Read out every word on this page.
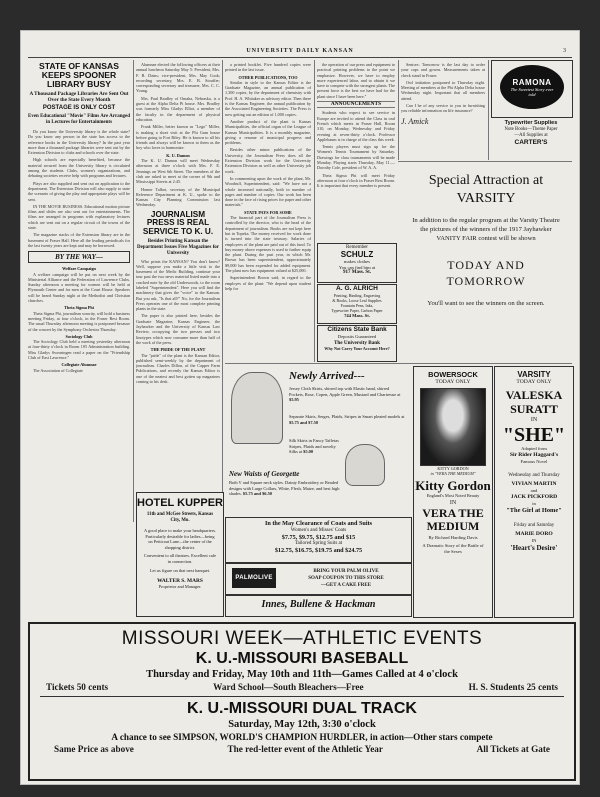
UNIVERSITY DAILY KANSAN	3
STATE OF KANSAS KEEPS SPOONER LIBRARY BUSY
A Thousand Package Libraries Are Sent Out Over the State Every Month
POSTAGE IS ONLY COST
Even Educational "Movie" Films Are Arranged in Lectures for Entertainments

Do you know the University library is the whole state? Do you know any person in the state has access to the reference books in the University library? In the past year more than a thousand package libraries were sent out by the Extension Division to clubs and schools over the state.

High schools are especially benefited, because the material secured from the University library is circulated among the students. Clubs, women's organizations, and debating societies receive help with programs and lectures.

Plays are also supplied and sent out on application to the department. The Extension Division will also supply to state the scenario of giving the play and appropriate plays will be sent.

IN THE MOVIE BUSINESS. Educational motion picture films and slides are also sent out for entertainments. The films are arranged in programs with explanatory lectures which are sent out on a regular circuit of the towns of the state.

The magazine stacks of the Extension library are in the basement of Fraser Hall. Here all the leading periodicals for the last twenty years are kept and may be borrowed.

BY THE WAY—
Welfare Campaign

A welfare campaign will be put on next week by the Ministerial Alliance and the Federation of Lawrence Clubs. Sunday afternoon a meeting for women will be held at Plymouth Center and for men at the Court House. Speakers will be heard Sunday night at the Methodist and Christian churches.

Theta Sigma Phi

Theta Sigma Phi, journalism sorority, will hold a business meeting Friday, at four o'clock, in the Fraser Rest Room. The usual Thursday afternoon meeting is postponed because of the concert by the Symphony Orchestra Thursday.

Sociology Club

The Sociology Club held a meeting yesterday afternoon at four-thirty o'clock in Room 105 Administration building. Miss Gladys Swearingen read a paper on the "Friendship Club of East Lawrence."

Collegiate Alumnae

The Association of Collegiate

Alumnae elected the following officers at their annual luncheon Saturday May 5: President, Mrs. F. B. Dains; vice-president, Mrs. May Cook; recording secretary, Mrs. E. B. Stouffer; corresponding secretary and treasurer, Mrs. C. C. Young.

Mrs. Paul Bradley of Omaha, Nebraska, is a guest at the Alpha Delta Pi house. Mrs. Bradley was formerly Miss Gladys Elliot, a member of the faculty in the department of physical education.

Frank Miller, better known as "Lego" Miller, is making a short visit at the Phi Gam house before going to Fort Riley. He is known to all his friends and always will be known to them as the boy who loves to harmonize.

K. U. Damon

The K. U. Damon will meet Wednesday afternoon at three o'clock with Mrs. F. E. Jennings on West 6th Street. The members of the club are asked to meet at the corner of 9th and Mississippi Streets at 2:45.

Homer Talbot, secretary of the Municipal Reference Department at K. U., spoke to the Kansas City Planning Commission last Wednesday.

JOURNALISM PRESS IS REAL SERVICE TO K. U.
Besides Printing Kansan the Department Issues Five Magazines for University

Who prints the KANSAN? You don't know? Well, suppose you make a little visit to the basement of the Medic Building, continue your tour past the two news material listed made into a cracked note by the old Underwoods, to the room labeled "Superintendent". Here you will find the machinery that gives the "voice" to the Kansan. But you ask, "Is that all?" No, for the Journalism Press operates one of the most complete printing plants in the state.

The paper is also printed here, besides the Graduate Magazine, Kansas Engineer, the Jayhawker and the University of Kansas Law Review, occupying the two presses and two linotypes which now consume more than half of the work of the press.

THE PRIDE OF THE PLANT

The "pride" of the plant is the Kansan Editor, published semi-weekly by the department of journalism. Charles Dillon, of the Capper Farm Publications, and recently the Kansas Editor is one of the neatest and best gotten up magazines coming to his desk.

a printed booklet. Five hundred copies were printed in the last issue.

OTHER PUBLICATIONS, TOO

Similar in style to the Kansas Editor is the Graduate Magazine, an annual publication of 1,300 copies, by the department of chemistry with Prof. H. A. Whitaker as advisory editor. Then there is the Kansas Engineer, the annual publication by the Associated Engineering Societies. The Press is now getting out an edition of 1,000 copies.

Another product of the plant is Kansas Municipalities, the official organ of the League of Kansas Municipalities. It is a monthly magazine, giving a resume of municipal progress and problems.

Besides other minor publications of the University, the Journalism Press does all the Extension Division work for the University Extension Division as well as other University job work.

In commenting upon the work of the plant, Mr. Woodruff, Superintendent, said: "We have not a whole increased nationally, both in number of pages and number of copies. Our work has been done in the face of rising prices for paper and other materials."

STATE PAYS FOR SOME

The financial part of the Journalism Press is controlled by the director, who is the head of the department of journalism. Books are not kept here but in Topeka. The money received for work done is turned into the state treasury. Salaries of employees of the plant are paid out of this fund. To buy money above expenses is used to further equip the plant. During the past year, in which Mr. Brown has been superintendent, approximately $9,000 has been expended for added equipment. The plant now has equipment valued at $25,000.

Superintendent Brown said, in regard to the employes of the plant: "We depend upon student help for

the operation of our press and equipment to practical printing problems to the point we emphasize. However, we have to employ more experienced labor, and to obtain it we have to compete with the strongest plants. The present force is the best we have had for the plant since I have been here."

ANNOUNCEMENTS

Students who expect to see service in Europe are invited to attend the Class in oral French which meets in Fraser Hall, Room 310, on Monday, Wednesday and Friday evening at seven-thirty o'clock. Professor Applebaum is in charge of the class this week.

Tennis players must sign up for the Women's Tennis Tournament by Saturday. Drawings for class tournaments will be made Monday. Playing starts Thursday, May 11.—Dorothy Cole, president of W. A. A.

Theta Sigma Phi will meet Friday afternoon at four o'clock in Fraser Rest Room. It is important that every member is present.

Seniors: Tomorrow is the last day to order your caps and gowns. Measurements taken at check stand in Fraser.

Owl initiation postponed to Thursday night. Meeting of members at the Phi Alpha Delta house Wednesday night. Important that all members attend.

Can I be of any service to you in furnishing you reliable information on life insurance?

J. Amick
RAMONA
The Sweetest Story ever told
Typewriter Supplies
Note Books—Theme Paper
—All Supplies at
CARTER'S
Remember
SCHULZ
makes clothes
You can find him at
917 Mass. St.
A. G. ALRICH
Printing, Binding, Engraving
& Books, Loose Leaf Supplies
Fountain Pens, Inks,
Typewriter Paper, Carbon Paper
744 Mass. St.
Citizens State Bank
Deposits Guaranteed
The University Bank
Why Not Carry Your Account Here?
Special Attraction at VARSITY
In addition to the regular program at the Varsity Theatre the pictures of the winners of the 1917 Jayhawker VANITY FAIR contest will be shown
TODAY AND TOMORROW
You'll want to see the winners on the screen.
Newly Arrived---
Jersey Cloth Skirts, shirred top with Elastic band, shirred Pockets, Rose, Copen, Apple Green, Mustard and Chartreuse at $5.95
Separate Skirts, Serges, Plaids, Stripes in Smart pleated models at $5.75 and $7.50
Silk Skirts in Fancy Taffetas Stripes, Plaids and novelty Silks at $5.00
New Waists of Georgette
Both V and Square neck styles. Dainty Embroidery or Beaded designs with Large Collars, White, Flesh, Maize, and best high shades. $5.75 and $6.50
In the May Clearance of Coats and Suits
Women's and Misses' Coats
$7.75, $9.75, $12.75 and $15
Tailored Spring Suits at
$12.75, $16.75, $19.75 and $24.75
PALMOLIVE
BRING YOUR PALM OLIVE
SOAP COUPON TO THIS STORE
—GET A CAKE FREE
Innes, Bullene & Hackman
HOTEL KUPPER
11th and McGee Streets, Kansas City, Mo.
A good place to make your headquarters. Particularly desirable for ladies—being on Petticoat Lane—the center of the shopping district.
Convenient to all theatres. Excellent cafe in connection.
Let us figure on that next banquet.
WALTER S. MARS
Proprietor and Manager.
BOWERSOCK
TODAY ONLY
KITTY GORDON
in "VERA THE MEDIUM"
Kitty Gordon
England's Most Noted Beauty
IN
VERA THE MEDIUM
By Richard Harding Davis
A Dramatic Story of the Battle of the Sexes
VARSITY
TODAY ONLY
VALESKA SURATT
IN
"SHE"
Adapted from
Sir Rider Haggard's
Famous Novel
Wednesday and Thursday
VIVIAN MARTIN
and
JACK PICKFORD
in
"The Girl at Home"
Friday and Saturday
MARIE DORO
IN
'Heart's Desire'
MISSOURI WEEK—ATHLETIC EVENTS
K. U.-MISSOURI BASEBALL
Thursday and Friday, May 10th and 11th—Games Called at 4 o'clock
Tickets 50 cents	Ward School—South Bleachers—Free	H. S. Students 25 cents
K. U.-MISSOURI DUAL TRACK
Saturday, May 12th, 3:30 o'clock
A chance to see SIMPSON, WORLD'S CHAMPION HURDLER, in action—Other stars compete
Same Price as above	The red-letter event of the Athletic Year	All Tickets at Gate
